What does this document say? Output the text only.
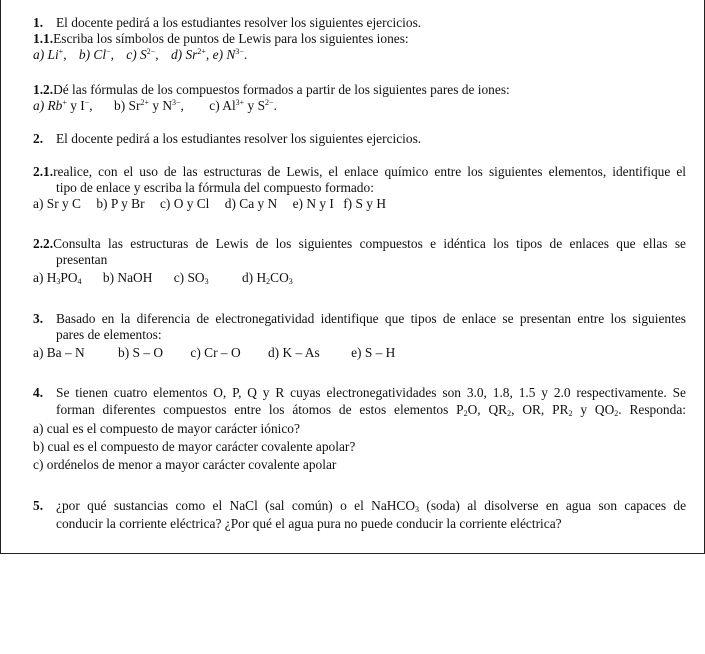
1. El docente pedirá a los estudiantes resolver los siguientes ejercicios.
1.1.Escriba los símbolos de puntos de Lewis para los siguientes iones:
a) Li+, b) Cl−, c) $S^{2-}$, d) $Sr^{2+}$, e) $N^{3-}$.
1.2.Dé las fórmulas de los compuestos formados a partir de los siguientes pares de iones:
a) Rb+ y I−, b) $Sr^{2+}$ y $N^{3-}$, c) $Al^{3+}$ y $S^{2-}$.
2. El docente pedirá a los estudiantes resolver los siguientes ejercicios.
2.1.realice, con el uso de las estructuras de Lewis, el enlace químico entre los siguientes elementos, identifique el
tipo de enlace y escriba la fórmula del compuesto formado:
a) Sr y C b) P y Br c) O y Cl d) Ca y N e) N y I f) S y H
2.2.Consulta las estructuras de Lewis de los siguientes compuestos e idéntica los tipos de enlaces que ellas se
presentan
a) $H_3PO_4$ b) NaOH c) $SO_3$ d) $H_2CO_3$
3. Basado en la diferencia de electronegatividad identifique que tipos de enlace se presentan entre los siguientes
pares de elementos:
a) Ba – N b) S – O c) Cr – O d) K – As e) S – H
4. Se tienen cuatro elementos O, P, Q y R cuyas electronegatividades son 3.0, 1.8, 1.5 y 2.0 respectivamente. Se
forman diferentes compuestos entre los átomos de estos elementos $P_2O$, $QR_2$, OR, $PR_2$ y $QO_2$. Responda:
a) cual es el compuesto de mayor carácter iónico?
b) cual es el compuesto de mayor carácter covalente apolar?
c) ordénelos de menor a mayor carácter covalente apolar
5. ¿por qué sustancias como el NaCl (sal común) o el NaHCO$_3$ (soda) al disolverse en agua son capaces de
conducir la corriente eléctrica? ¿Por qué el agua pura no puede conducir la corriente eléctrica?
